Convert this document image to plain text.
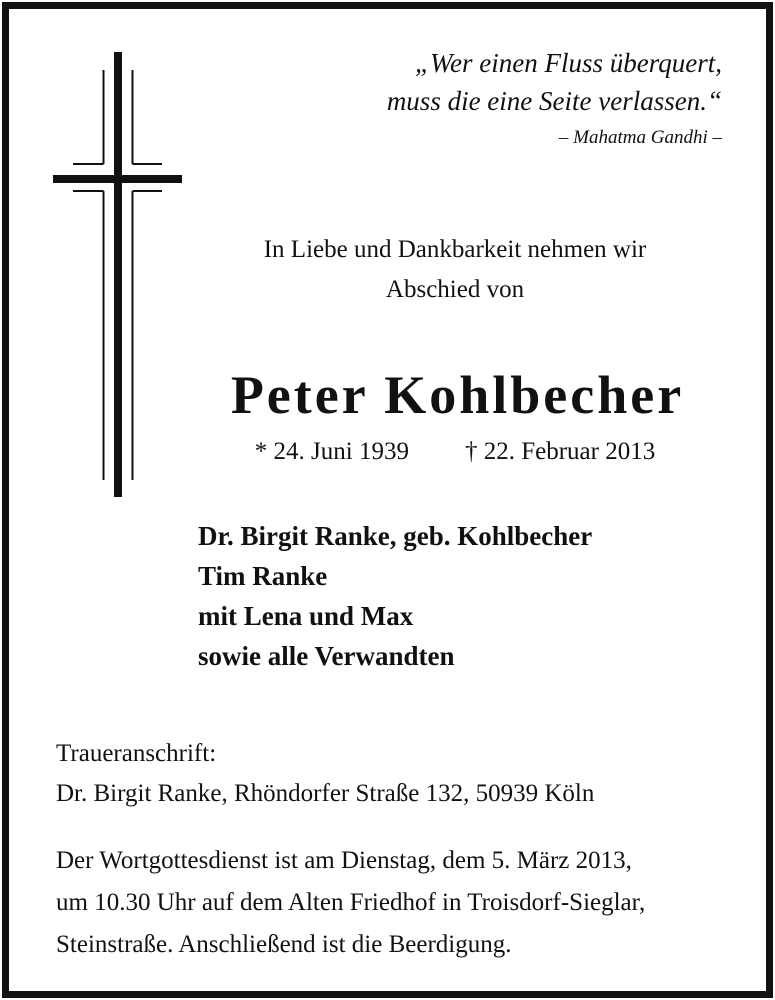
„Wer einen Fluss überquert,
muss die eine Seite verlassen.“
– Mahatma Gandhi –
In Liebe und Dankbarkeit nehmen wir
Abschied von
Peter Kohlbecher
* 24. Juni 1939 † 22. Februar 2013
Dr. Birgit Ranke, geb. Kohlbecher
Tim Ranke
mit Lena und Max
sowie alle Verwandten
Traueranschrift:
Dr. Birgit Ranke, Rhöndorfer Straße 132, 50939 Köln
Der Wortgottesdienst ist am Dienstag, dem 5. März 2013,
um 10.30 Uhr auf dem Alten Friedhof in Troisdorf-Sieglar,
Steinstraße. Anschließend ist die Beerdigung.
